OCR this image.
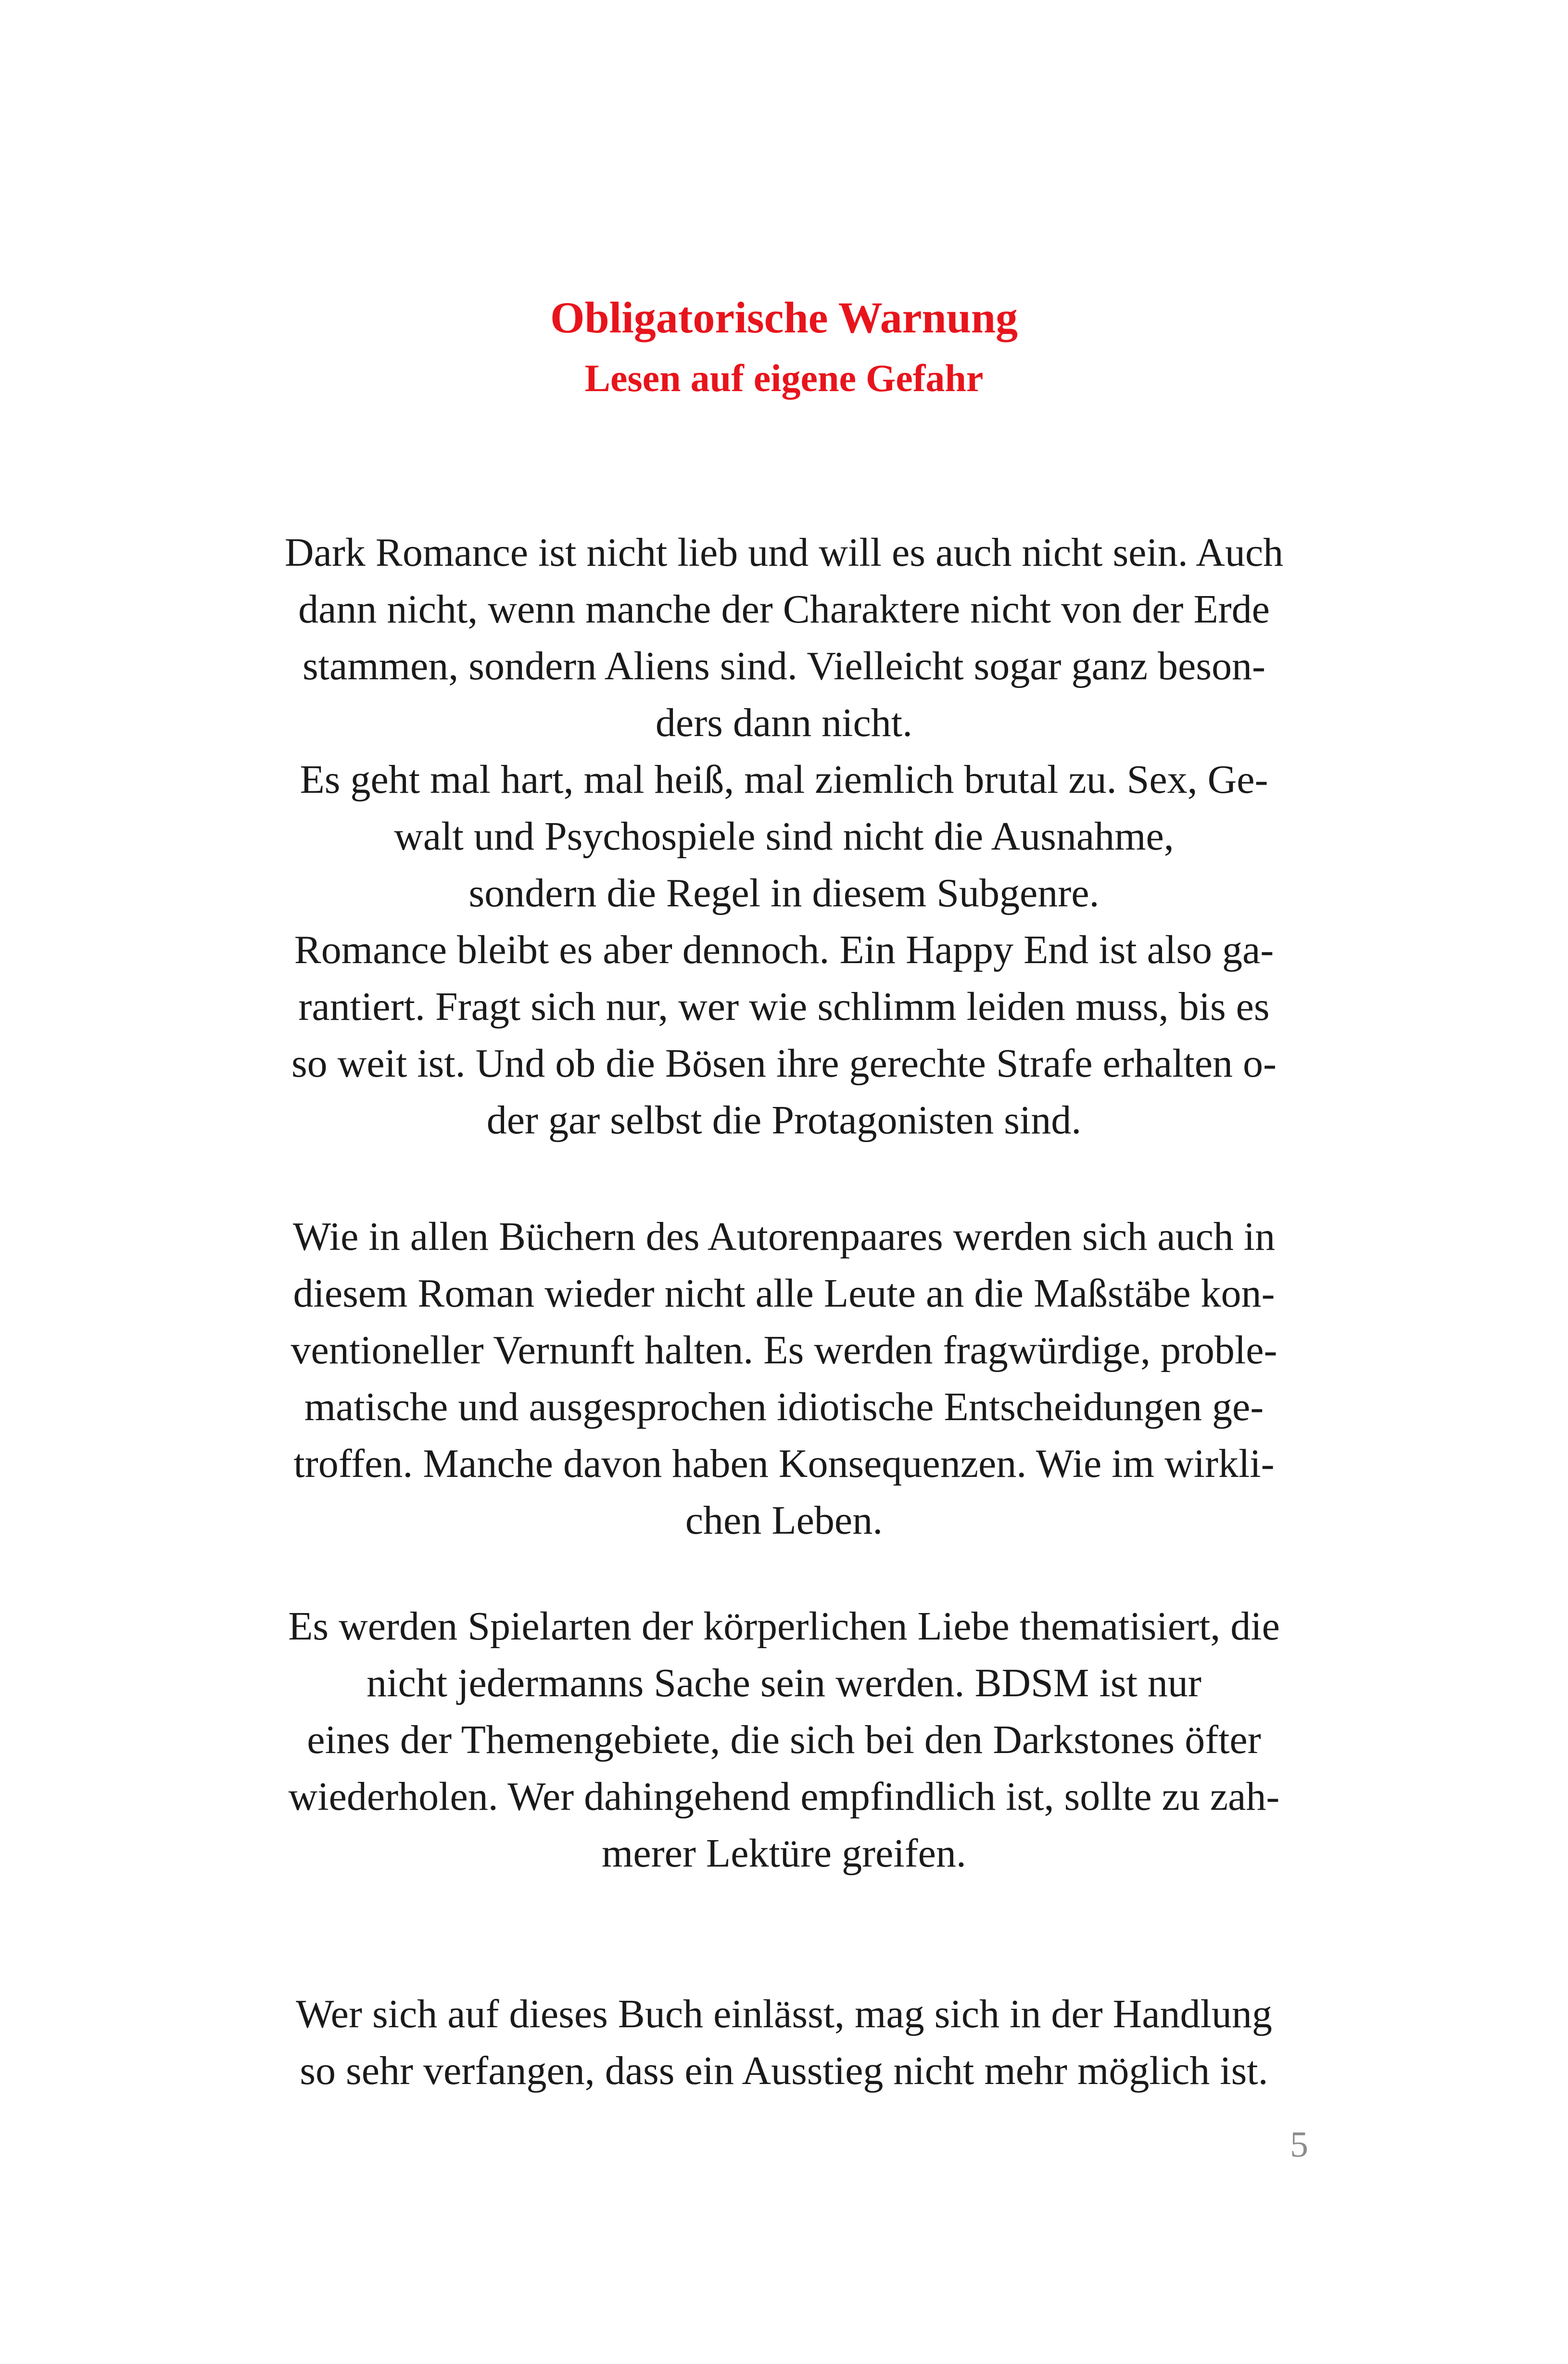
Obligatorische Warnung
Lesen auf eigene Gefahr

Dark Romance ist nicht lieb und will es auch nicht sein. Auch
dann nicht, wenn manche der Charaktere nicht von der Erde
stammen, sondern Aliens sind. Vielleicht sogar ganz beson-
ders dann nicht.
Es geht mal hart, mal heiß, mal ziemlich brutal zu. Sex, Ge-
walt und Psychospiele sind nicht die Ausnahme,
sondern die Regel in diesem Subgenre.
Romance bleibt es aber dennoch. Ein Happy End ist also ga-
rantiert. Fragt sich nur, wer wie schlimm leiden muss, bis es
so weit ist. Und ob die Bösen ihre gerechte Strafe erhalten o-
der gar selbst die Protagonisten sind.

Wie in allen Büchern des Autorenpaares werden sich auch in
diesem Roman wieder nicht alle Leute an die Maßstäbe kon-
ventioneller Vernunft halten. Es werden fragwürdige, proble-
matische und ausgesprochen idiotische Entscheidungen ge-
troffen. Manche davon haben Konsequenzen. Wie im wirkli-
chen Leben.

Es werden Spielarten der körperlichen Liebe thematisiert, die
nicht jedermanns Sache sein werden. BDSM ist nur
eines der Themengebiete, die sich bei den Darkstones öfter
wiederholen. Wer dahingehend empfindlich ist, sollte zu zah-
merer Lektüre greifen.

Wer sich auf dieses Buch einlässt, mag sich in der Handlung
so sehr verfangen, dass ein Ausstieg nicht mehr möglich ist.

5
